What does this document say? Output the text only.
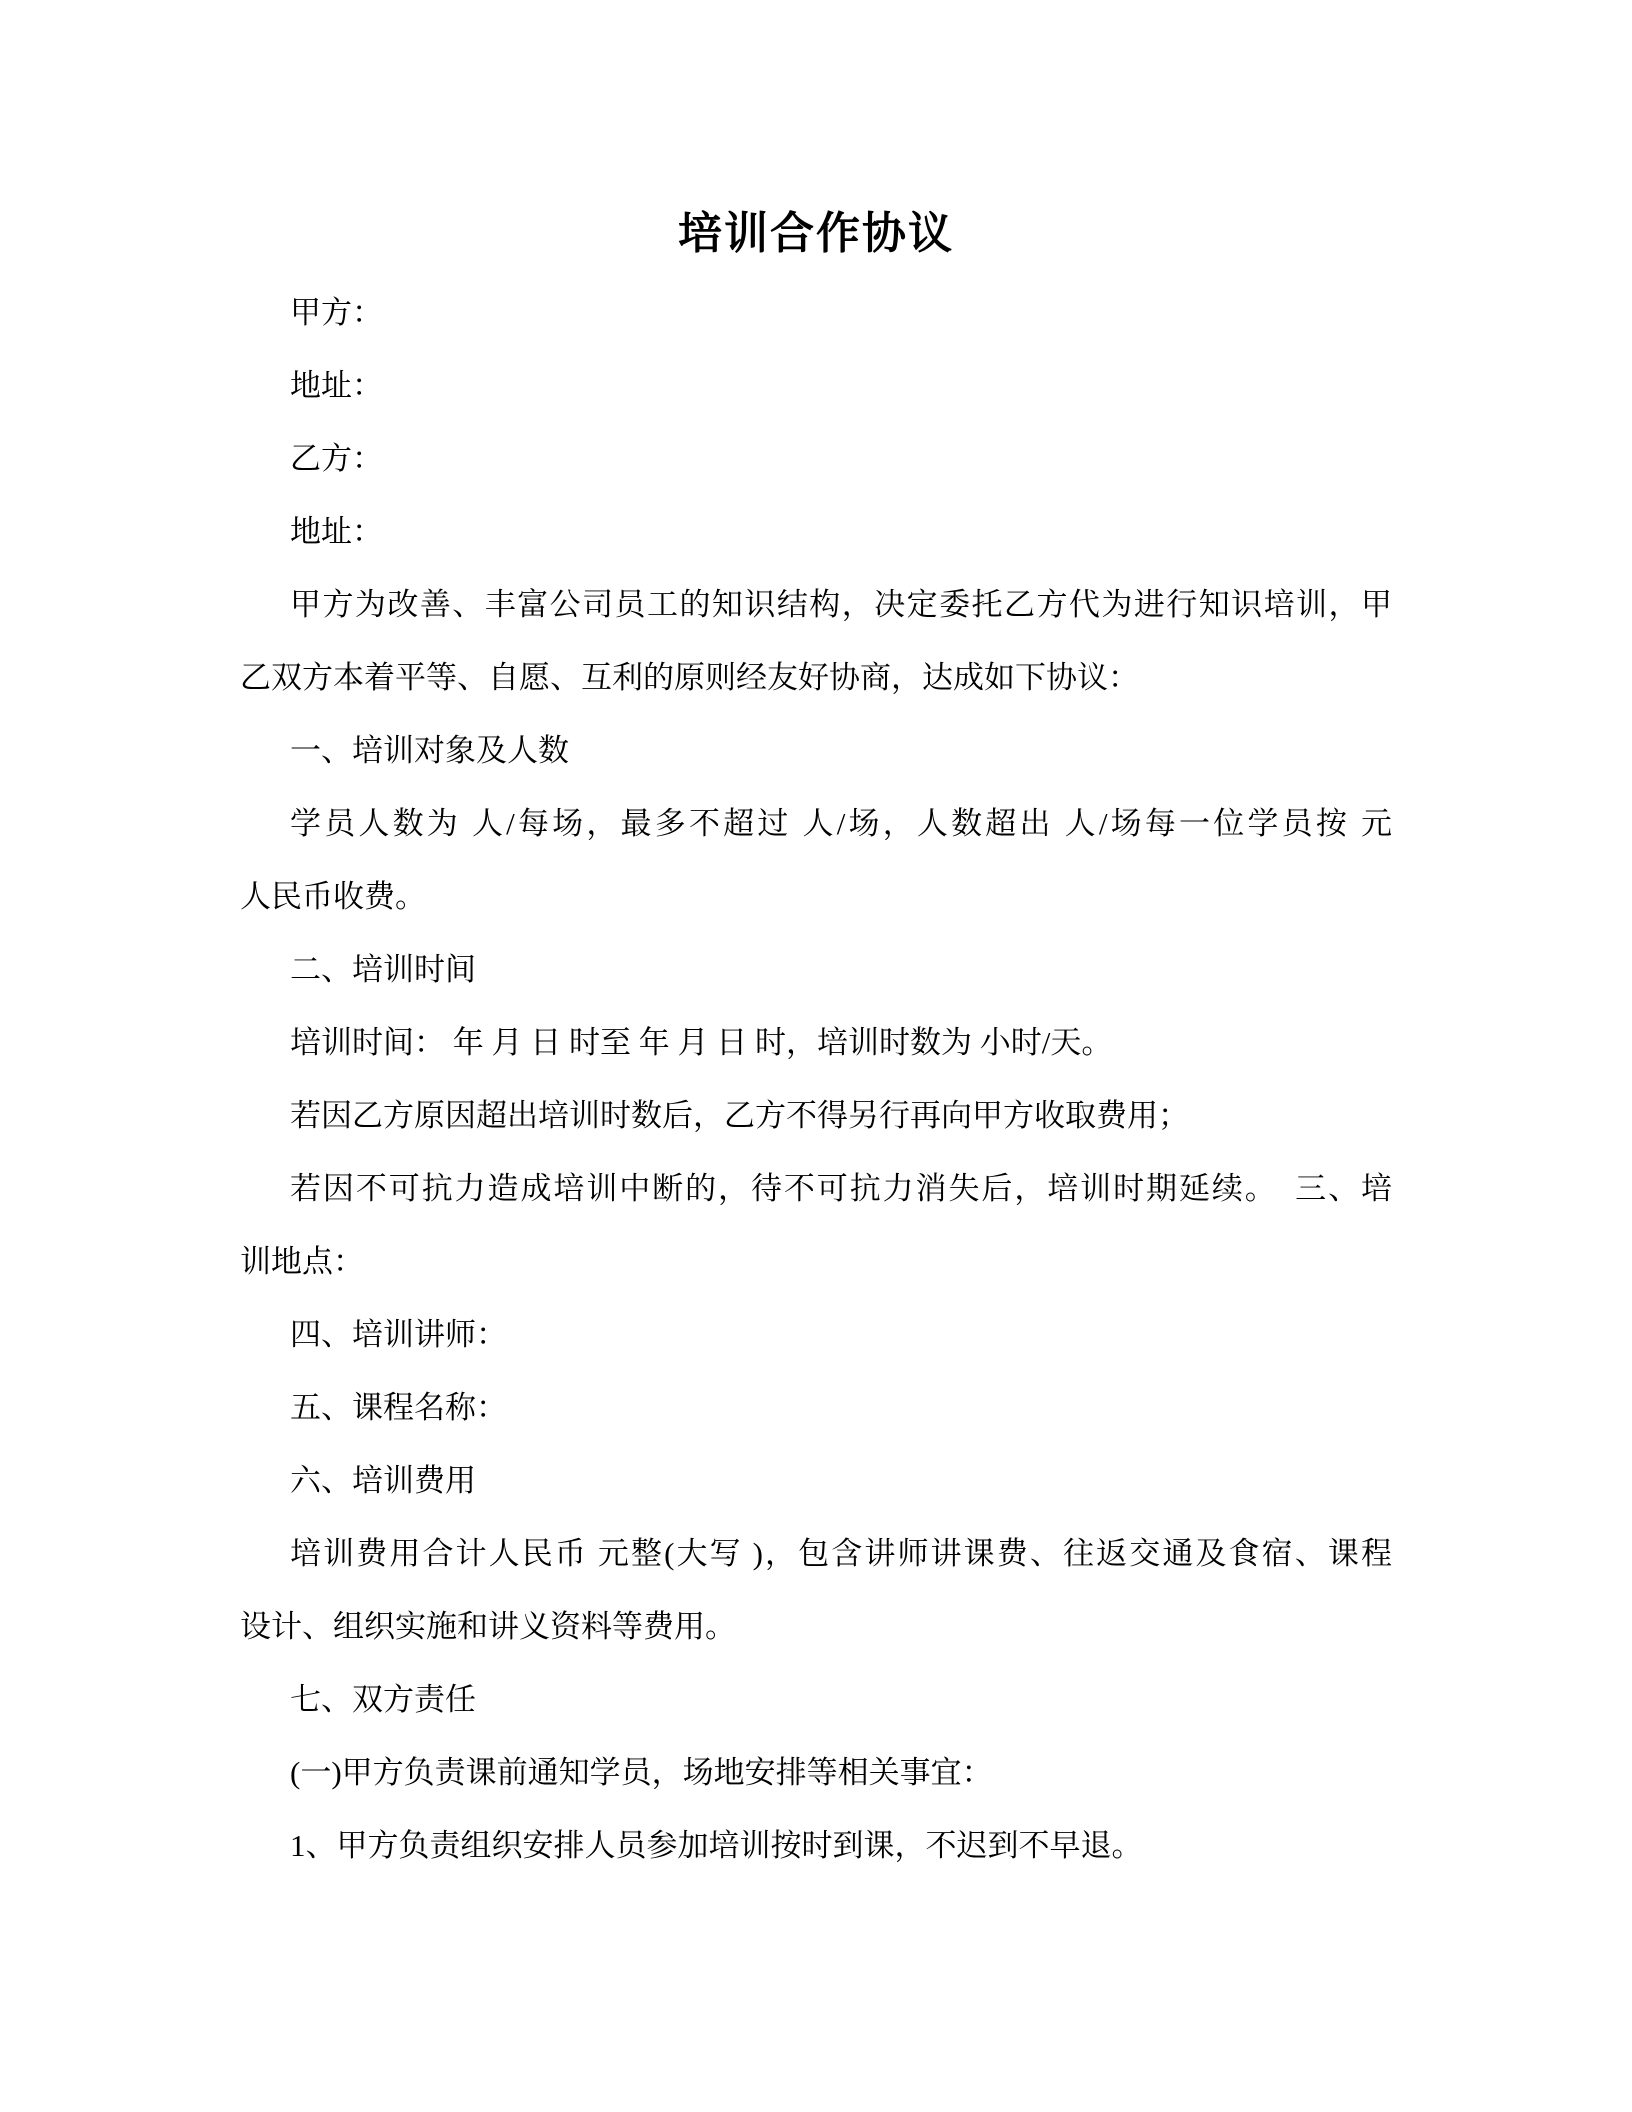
培训合作协议

甲方：

地址：

乙方：

地址：

甲方为改善、丰富公司员工的知识结构，决定委托乙方代为进行知识培训，甲
乙双方本着平等、自愿、互利的原则经友好协商，达成如下协议：

一、培训对象及人数

学员人数为 人/每场，最多不超过 人/场，人数超出 人/场每一位学员按 元
人民币收费。

二、培训时间

培训时间： 年 月 日 时至 年 月 日 时，培训时数为 小时/天。

若因乙方原因超出培训时数后，乙方不得另行再向甲方收取费用；

若因不可抗力造成培训中断的，待不可抗力消失后，培训时期延续。　三、培
训地点：

四、培训讲师：

五、课程名称：

六、培训费用

培训费用合计人民币 元整(大写 )，包含讲师讲课费、往返交通及食宿、课程
设计、组织实施和讲义资料等费用。

七、双方责任

(一)甲方负责课前通知学员，场地安排等相关事宜：

1、甲方负责组织安排人员参加培训按时到课，不迟到不早退。
